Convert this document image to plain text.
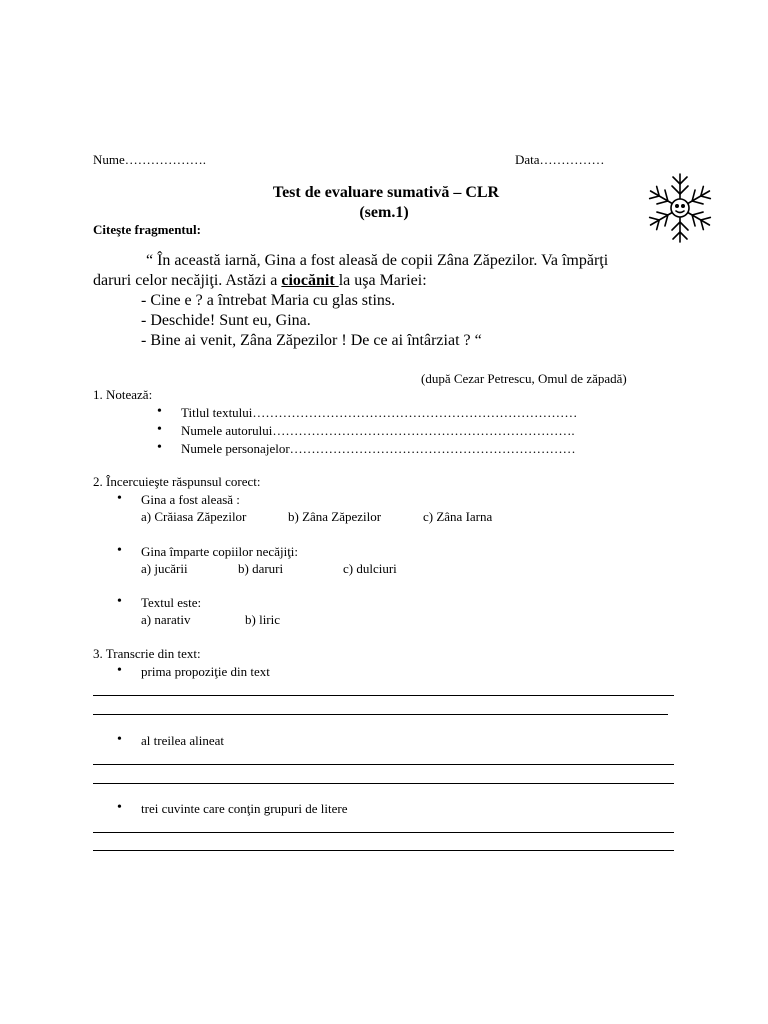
Nume……………….	Data……………
Test de evaluare sumativă – CLR
(sem.1)
Citeşte fragmentul:
“ În această iarnă, Gina a fost aleasă de copii Zâna Zăpezilor. Va împărţi
daruri celor necăjiţi. Astăzi a ciocănit la uşa Mariei:
- Cine e ? a întrebat Maria cu glas stins.
- Deschide! Sunt eu, Gina.
- Bine ai venit, Zâna Zăpezilor ! De ce ai întârziat ? “
(după Cezar Petrescu, Omul de zăpadă)
1. Notează:
• Titlul textului…………………………………………………………………
• Numele autorului…………………………………………………………….
• Numele personajelor…………………………………………………………
2. Încercuieşte răspunsul corect:
• Gina a fost aleasă :
a) Crăiasa Zăpezilor	b) Zâna Zăpezilor	c) Zâna Iarna
• Gina împarte copiilor necăjiţi:
a) jucării	b) daruri	c) dulciuri
• Textul este:
a) narativ	b) liric
3. Transcrie din text:
• prima propoziţie din text
• al treilea alineat
• trei cuvinte care conţin grupuri de litere
